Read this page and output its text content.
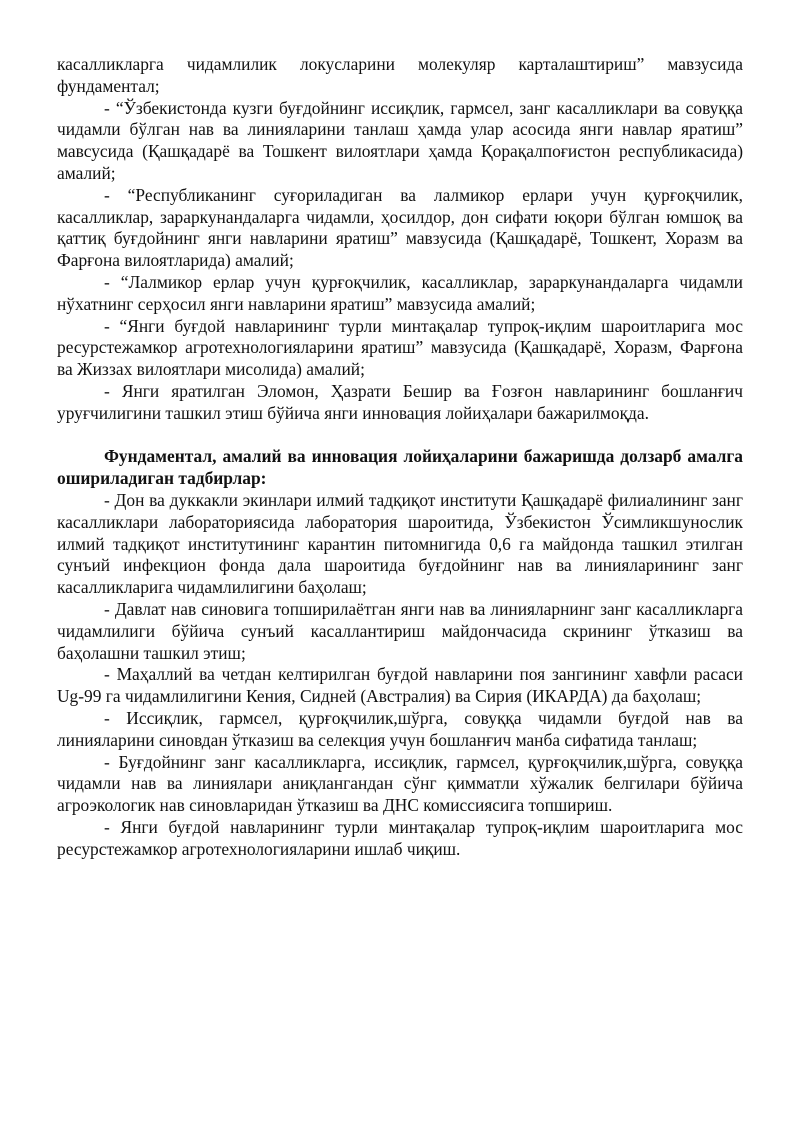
касалликларга чидамлилик локусларини молекуляр карталаштириш” мавзусида фундаментал;

- “Ўзбекистонда кузги буғдойнинг иссиқлик, гармсел, занг касалликлари ва совуққа чидамли бўлган нав ва линияларини танлаш ҳамда улар асосида янги навлар яратиш” мавсусида (Қашқадарё ва Тошкент вилоятлари ҳамда Қорақалпоғистон республикасида) амалий;

- “Республиканинг суғориладиган ва лалмикор ерлари учун қурғоқчилик, касалликлар, зараркунандаларга чидамли, ҳосилдор, дон сифати юқори бўлган юмшоқ ва қаттиқ буғдойнинг янги навларини яратиш” мавзусида (Қашқадарё, Тошкент, Хоразм ва Фарғона вилоятларида) амалий;

- “Лалмикор ерлар учун қурғоқчилик, касалликлар, зараркунандаларга чидамли нўхатнинг серҳосил янги навларини яратиш” мавзусида амалий;

- “Янги буғдой навларининг турли минтақалар тупроқ-иқлим шароитларига мос ресурстежамкор агротехнологияларини яратиш” мавзусида (Қашқадарё, Хоразм, Фарғона ва Жиззах вилоятлари мисолида) амалий;

- Янги яратилган Эломон, Ҳазрати Бешир ва Ғозғон навларининг бошланғич уруғчилигини ташкил этиш бўйича янги инновация лойиҳалари бажарилмоқда.

Фундаментал, амалий ва инновация лойиҳаларини бажаришда долзарб амалга ошириладиган тадбирлар:

- Дон ва дуккакли экинлари илмий тадқиқот институти Қашқадарё филиалининг занг касалликлари лабораториясида лаборатория шароитида, Ўзбекистон Ўсимликшунослик илмий тадқиқот институтининг карантин питомнигида 0,6 га майдонда ташкил этилган сунъий инфекцион фонда дала шароитида буғдойнинг нав ва линияларининг занг касалликларига чидамлилигини баҳолаш;

- Давлат нав синовига топширилаётган янги нав ва линияларнинг занг касалликларга чидамлилиги бўйича сунъий касаллантириш майдончасида скрининг ўтказиш ва баҳолашни ташкил этиш;

- Маҳаллий ва четдан келтирилган буғдой навларини поя зангининг хавфли расаси Ug-99 га чидамлилигини Кения, Сидней (Австралия) ва Сирия (ИКАРДА) да баҳолаш;

- Иссиқлик, гармсел, қурғоқчилик,шўрга, совуққа чидамли буғдой нав ва линияларини синовдан ўтказиш ва селекция учун бошланғич манба сифатида танлаш;

- Буғдойнинг занг касалликларга, иссиқлик, гармсел, қурғоқчилик,шўрга, совуққа чидамли нав ва линиялари аниқлангандан сўнг қимматли хўжалик белгилари бўйича агроэкологик нав синовларидан ўтказиш ва ДНС комиссиясига топшириш.

- Янги буғдой навларининг турли минтақалар тупроқ-иқлим шароитларига мос ресурстежамкор агротехнологияларини ишлаб чиқиш.
